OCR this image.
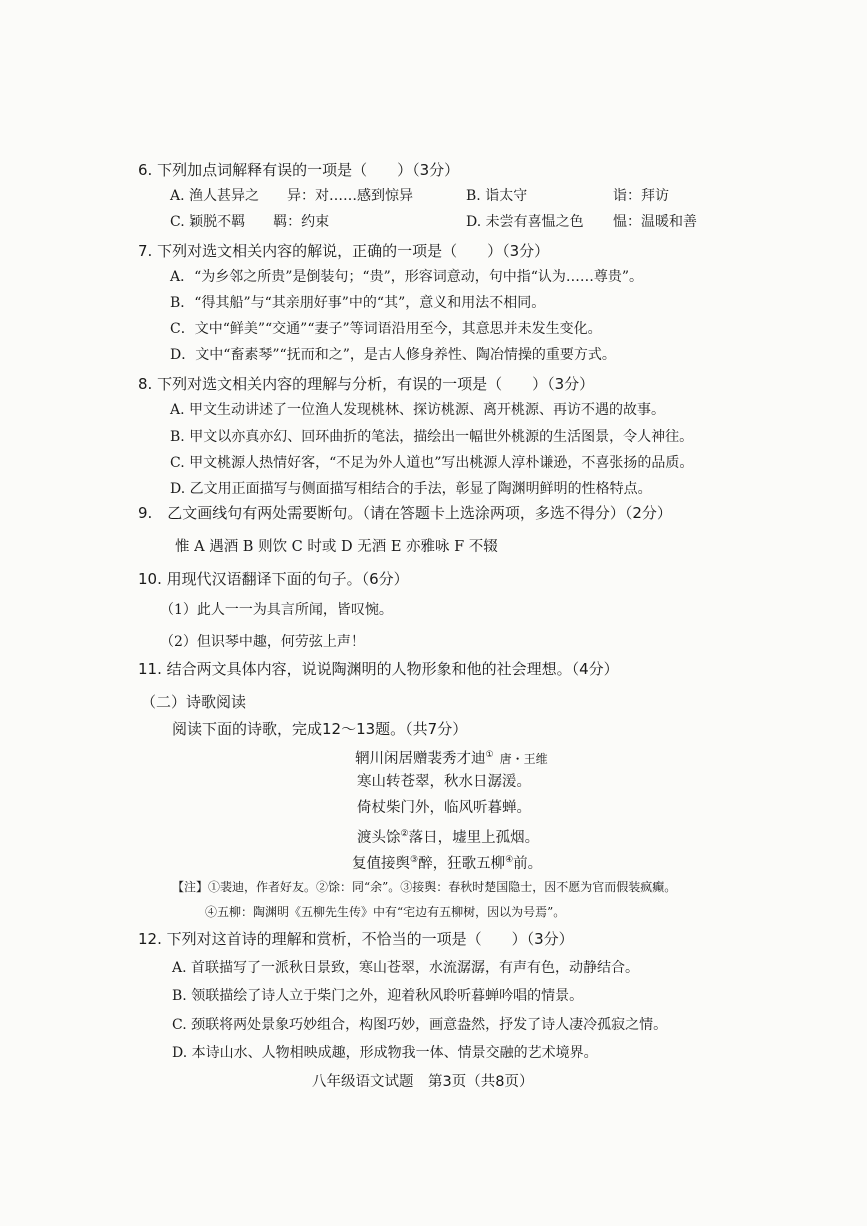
6. 下列加点词解释有误的一项是（　　）（3分）
A. 渔人甚异之　　异：对……感到惊异	B. 诣太守	诣：拜访
C. 颖脱不羁　　羁：约束	D. 未尝有喜愠之色 愠：温暖和善
7. 下列对选文相关内容的解说，正确的一项是（　　）（3分）
A．“为乡邻之所贵”是倒装句；“贵”，形容词意动，句中指“认为……尊贵”。
B．“得其船”与“其亲朋好事”中的“其”，意义和用法不相同。
C．文中“鲜美”“交通”“妻子”等词语沿用至今，其意思并未发生变化。
D．文中“畜素琴”“抚而和之”，是古人修身养性、陶冶情操的重要方式。
8. 下列对选文相关内容的理解与分析，有误的一项是（　　）（3分）
A. 甲文生动讲述了一位渔人发现桃林、探访桃源、离开桃源、再访不遇的故事。
B. 甲文以亦真亦幻、回环曲折的笔法，描绘出一幅世外桃源的生活图景，令人神往。
C. 甲文桃源人热情好客，“不足为外人道也”写出桃源人淳朴谦逊，不喜张扬的品质。
D. 乙文用正面描写与侧面描写相结合的手法，彰显了陶渊明鲜明的性格特点。
9.　乙文画线句有两处需要断句。（请在答题卡上选涂两项，多选不得分）（2分）
惟 A 遇酒 B 则饮 C 时或 D 无酒 E 亦雅咏 F 不辍
10. 用现代汉语翻译下面的句子。（6分）
（1）此人一一为具言所闻，皆叹惋。
（2）但识琴中趣，何劳弦上声！
11. 结合两文具体内容，说说陶渊明的人物形象和他的社会理想。（4分）
（二）诗歌阅读
阅读下面的诗歌，完成12～13题。（共7分）
辋川闲居赠裴秀才迪① 唐・王维
寒山转苍翠，秋水日潺湲。
倚杖柴门外，临风听暮蝉。
渡头馀②落日，墟里上孤烟。
复值接舆③醉，狂歌五柳④前。
【注】①裴迪，作者好友。②馀：同“余”。③接舆：春秋时楚国隐士，因不愿为官而假装疯癫。
④五柳：陶渊明《五柳先生传》中有“宅边有五柳树，因以为号焉”。
12. 下列对这首诗的理解和赏析，不恰当的一项是（　　）（3分）
A. 首联描写了一派秋日景致，寒山苍翠，水流潺潺，有声有色，动静结合。
B. 领联描绘了诗人立于柴门之外，迎着秋风聆听暮蝉吟唱的情景。
C. 颈联将两处景象巧妙组合，构图巧妙，画意盎然，抒发了诗人凄冷孤寂之情。
D. 本诗山水、人物相映成趣，形成物我一体、情景交融的艺术境界。
八年级语文试题　第3页（共8页）
